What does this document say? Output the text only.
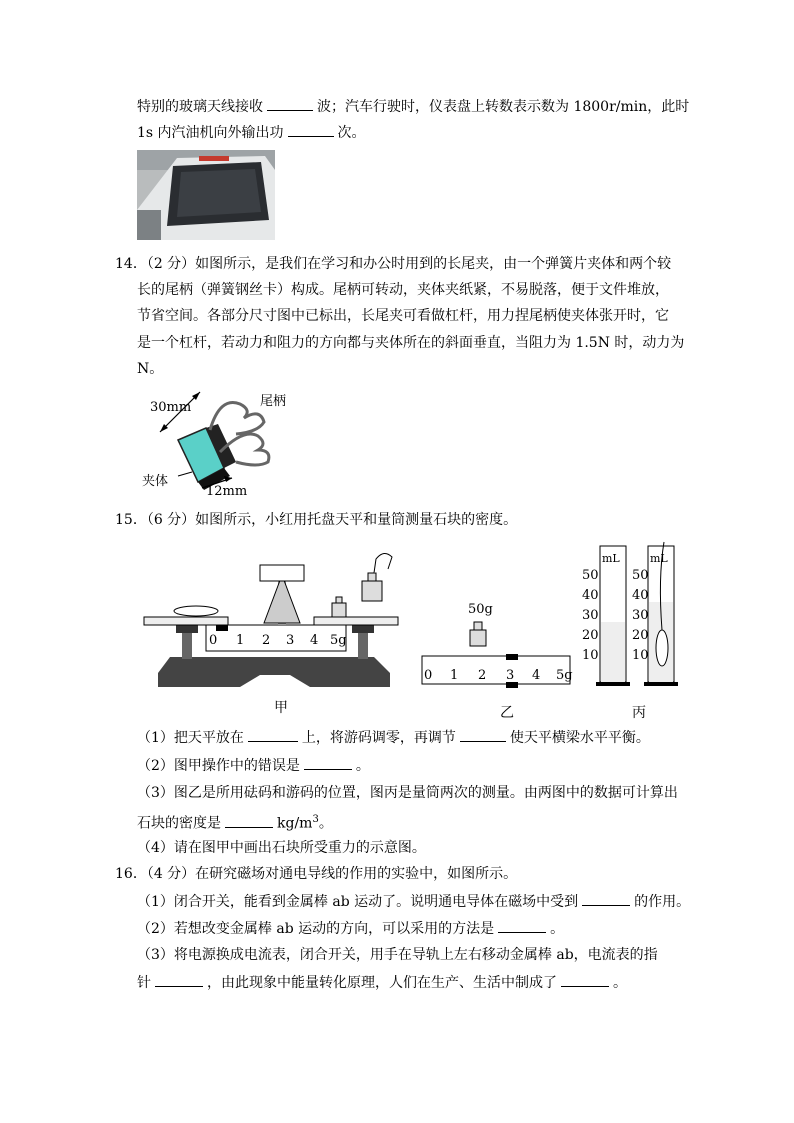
特别的玻璃天线接收	波；汽车行驶时，仪表盘上转数表示数为 1800r/min，此时
1s 内汽油机向外输出功	次。
14．（2 分）如图所示，是我们在学习和办公时用到的长尾夹，由一个弹簧片夹体和两个较
长的尾柄（弹簧钢丝卡）构成。尾柄可转动，夹体夹纸紧，不易脱落，便于文件堆放，
节省空间。各部分尺寸图中已标出，长尾夹可看做杠杆，用力捏尾柄使夹体张开时，它
是一个杠杆，若动力和阻力的方向都与夹体所在的斜面垂直，当阻力为 1.5N 时，动力为
N。
30mm	尾柄
夹体
12mm
15．（6 分）如图所示，小红用托盘天平和量筒测量石块的密度。
0 1 2 3 4 5g
甲
50g
0 1 2 3 4 5g
乙
mL	mL
50
40
30
20
10
50
40
30
20
10
丙
（1）把天平放在	上，将游码调零，再调节	使天平横梁水平平衡。
（2）图甲操作中的错误是	。
（3）图乙是所用砝码和游码的位置，图丙是量筒两次的测量。由两图中的数据可计算出
石块的密度是	$kg/m^3$。
（4）请在图甲中画出石块所受重力的示意图。
16．（4 分）在研究磁场对通电导线的作用的实验中，如图所示。
（1）闭合开关，能看到金属棒 ab 运动了。说明通电导体在磁场中受到	的作用。
（2）若想改变金属棒 ab 运动的方向，可以采用的方法是	。
（3）将电源换成电流表，闭合开关，用手在导轨上左右移动金属棒 ab，电流表的指
针	，由此现象中能量转化原理，人们在生产、生活中制成了	。
